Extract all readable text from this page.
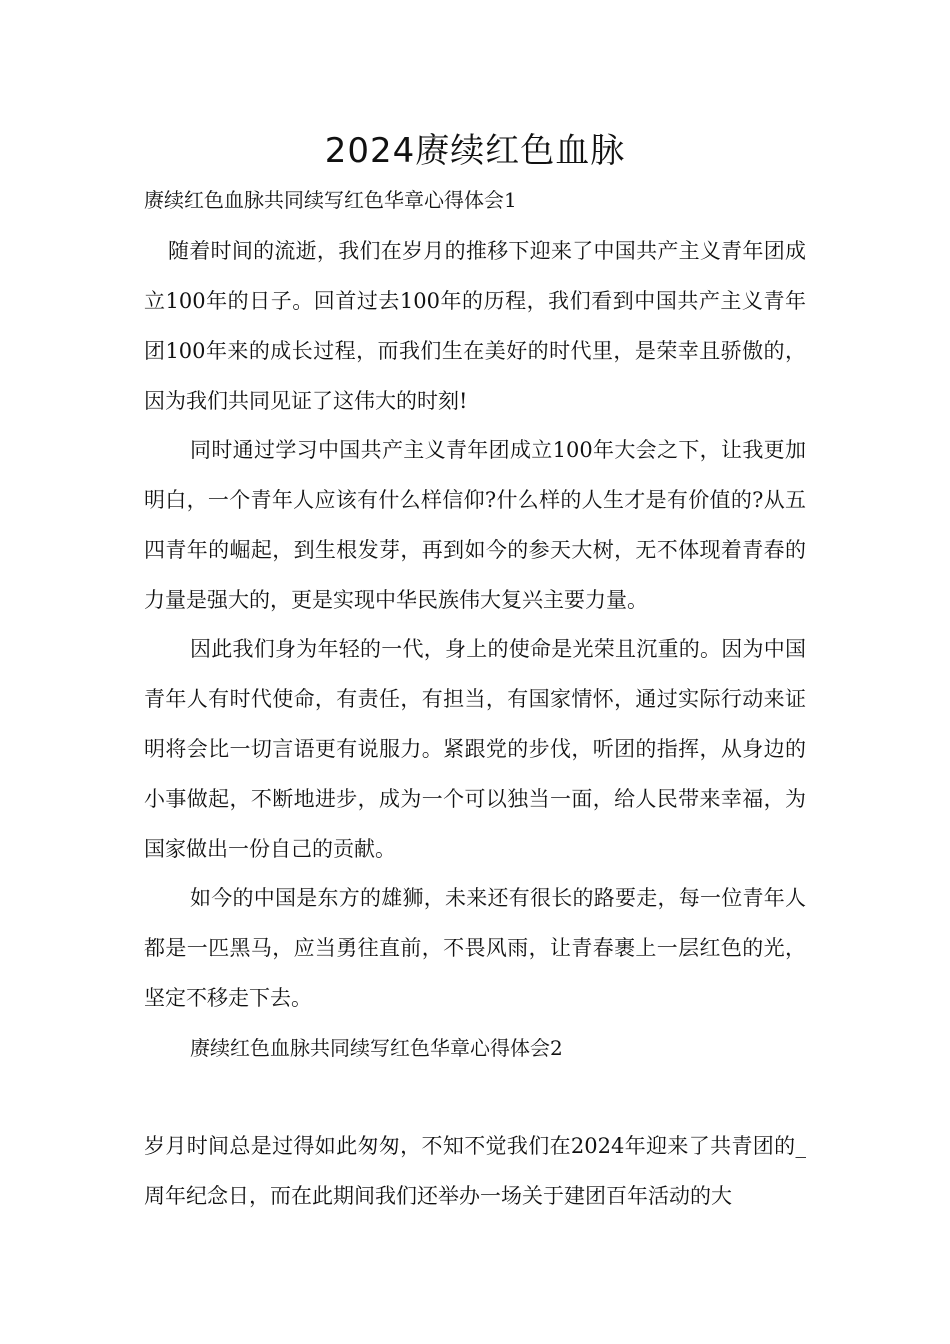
2024赓续红色血脉
赓续红色血脉共同续写红色华章心得体会1

随着时间的流逝，我们在岁月的推移下迎来了中国共产主义青年团成立100年的日子。回首过去100年的历程，我们看到中国共产主义青年团100年来的成长过程，而我们生在美好的时代里，是荣幸且骄傲的，因为我们共同见证了这伟大的时刻!

同时通过学习中国共产主义青年团成立100年大会之下，让我更加明白，一个青年人应该有什么样信仰?什么样的人生才是有价值的?从五四青年的崛起，到生根发芽，再到如今的参天大树，无不体现着青春的力量是强大的，更是实现中华民族伟大复兴主要力量。

因此我们身为年轻的一代，身上的使命是光荣且沉重的。因为中国青年人有时代使命，有责任，有担当，有国家情怀，通过实际行动来证明将会比一切言语更有说服力。紧跟党的步伐，听团的指挥，从身边的小事做起，不断地进步，成为一个可以独当一面，给人民带来幸福，为国家做出一份自己的贡献。

如今的中国是东方的雄狮，未来还有很长的路要走，每一位青年人都是一匹黑马，应当勇往直前，不畏风雨，让青春裹上一层红色的光，坚定不移走下去。

赓续红色血脉共同续写红色华章心得体会2

岁月时间总是过得如此匆匆，不知不觉我们在2024年迎来了共青团的_周年纪念日，而在此期间我们还举办一场关于建团百年活动的大
